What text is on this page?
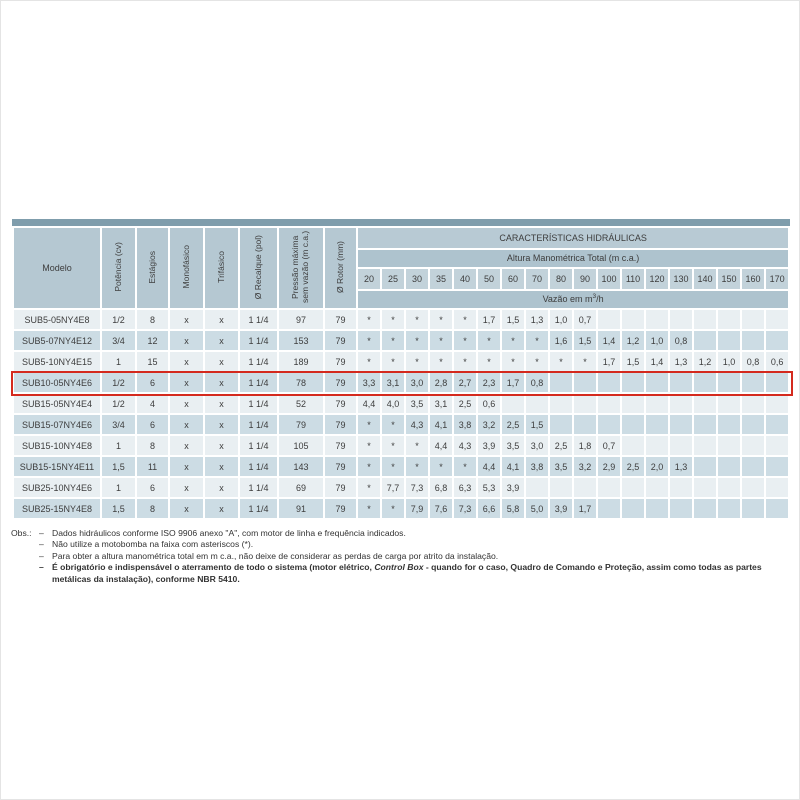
Modelo	Potência (cv)	Estágios	Monofásico	Trifásico	Ø Recalque (pol)	Pressão máxima sem vazão (m c.a.)	Ø Rotor (mm)	CARACTERÍSTICAS HIDRÁULICAS																	
								Altura Manométrica Total (m c.a.)																	
								20	25	30	35	40	50	60	70	80	90	100	110	120	130	140	150	160	170
								Vazão em $m^3/h$																	
SUB5-05NY4E8	1/2	8	x	x	1 1/4	97	79	*	*	*	*	*	1,7	1,5	1,3	1,0	0,7								
SUB5-07NY4E12	3/4	12	x	x	1 1/4	153	79	*	*	*	*	*	*	*	*	1,6	1,5	1,4	1,2	1,0	0,8				
SUB5-10NY4E15	1	15	x	x	1 1/4	189	79	*	*	*	*	*	*	*	*	*	*	1,7	1,5	1,4	1,3	1,2	1,0	0,8	0,6
SUB10-05NY4E6	1/2	6	x	x	1 1/4	78	79	3,3	3,1	3,0	2,8	2,7	2,3	1,7	0,8										
SUB15-05NY4E4	1/2	4	x	x	1 1/4	52	79	4,4	4,0	3,5	3,1	2,5	0,6												
SUB15-07NY4E6	3/4	6	x	x	1 1/4	79	79	*	*	4,3	4,1	3,8	3,2	2,5	1,5										
SUB15-10NY4E8	1	8	x	x	1 1/4	105	79	*	*	*	4,4	4,3	3,9	3,5	3,0	2,5	1,8	0,7							
SUB15-15NY4E11	1,5	11	x	x	1 1/4	143	79	*	*	*	*	*	4,4	4,1	3,8	3,5	3,2	2,9	2,5	2,0	1,3				
SUB25-10NY4E6	1	6	x	x	1 1/4	69	79	*	7,7	7,3	6,8	6,3	5,3	3,9											
SUB25-15NY4E8	1,5	8	x	x	1 1/4	91	79	*	*	7,9	7,6	7,3	6,6	5,8	5,0	3,9	1,7								
Obs.: – Dados hidráulicos conforme ISO 9906 anexo "A", com motor de linha e frequência indicados.
– Não utilize a motobomba na faixa com asteriscos (*).
– Para obter a altura manométrica total em m c.a., não deixe de considerar as perdas de carga por atrito da instalação.
– É obrigatório e indispensável o aterramento de todo o sistema (motor elétrico, Control Box - quando for o caso, Quadro de Comando e Proteção, assim como todas as partes metálicas da instalação), conforme NBR 5410.
